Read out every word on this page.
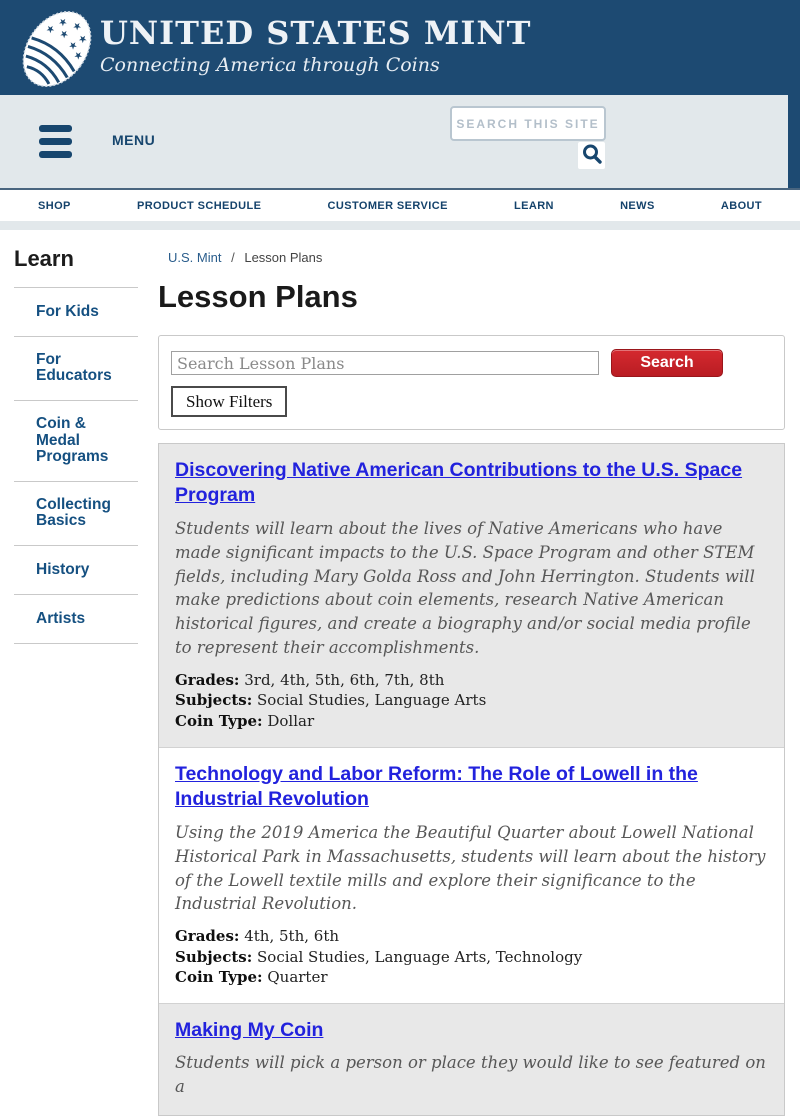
★ ★
★
★ ★
★
★
UNITED STATES MINT
Connecting America through Coins
MENU
SEARCH THIS SITE
SHOP	PRODUCT SCHEDULE	CUSTOMER SERVICE	LEARN	NEWS	ABOUT
Learn
For Kids
For Educators
Coin & Medal Programs
Collecting Basics
History
Artists
U.S. Mint / Lesson Plans
Lesson Plans
Search Lesson Plans
Search
Show Filters
Discovering Native American Contributions to the U.S. Space Program
Students will learn about the lives of Native Americans who have made significant impacts to the U.S. Space Program and other STEM fields, including Mary Golda Ross and John Herrington. Students will make predictions about coin elements, research Native American historical figures, and create a biography and/or social media profile to represent their accomplishments.
Grades: 3rd, 4th, 5th, 6th, 7th, 8th
Subjects: Social Studies, Language Arts
Coin Type: Dollar
Technology and Labor Reform: The Role of Lowell in the Industrial Revolution
Using the 2019 America the Beautiful Quarter about Lowell National Historical Park in Massachusetts, students will learn about the history of the Lowell textile mills and explore their significance to the Industrial Revolution.
Grades: 4th, 5th, 6th
Subjects: Social Studies, Language Arts, Technology
Coin Type: Quarter
Making My Coin
Students will pick a person or place they would like to see featured on a
